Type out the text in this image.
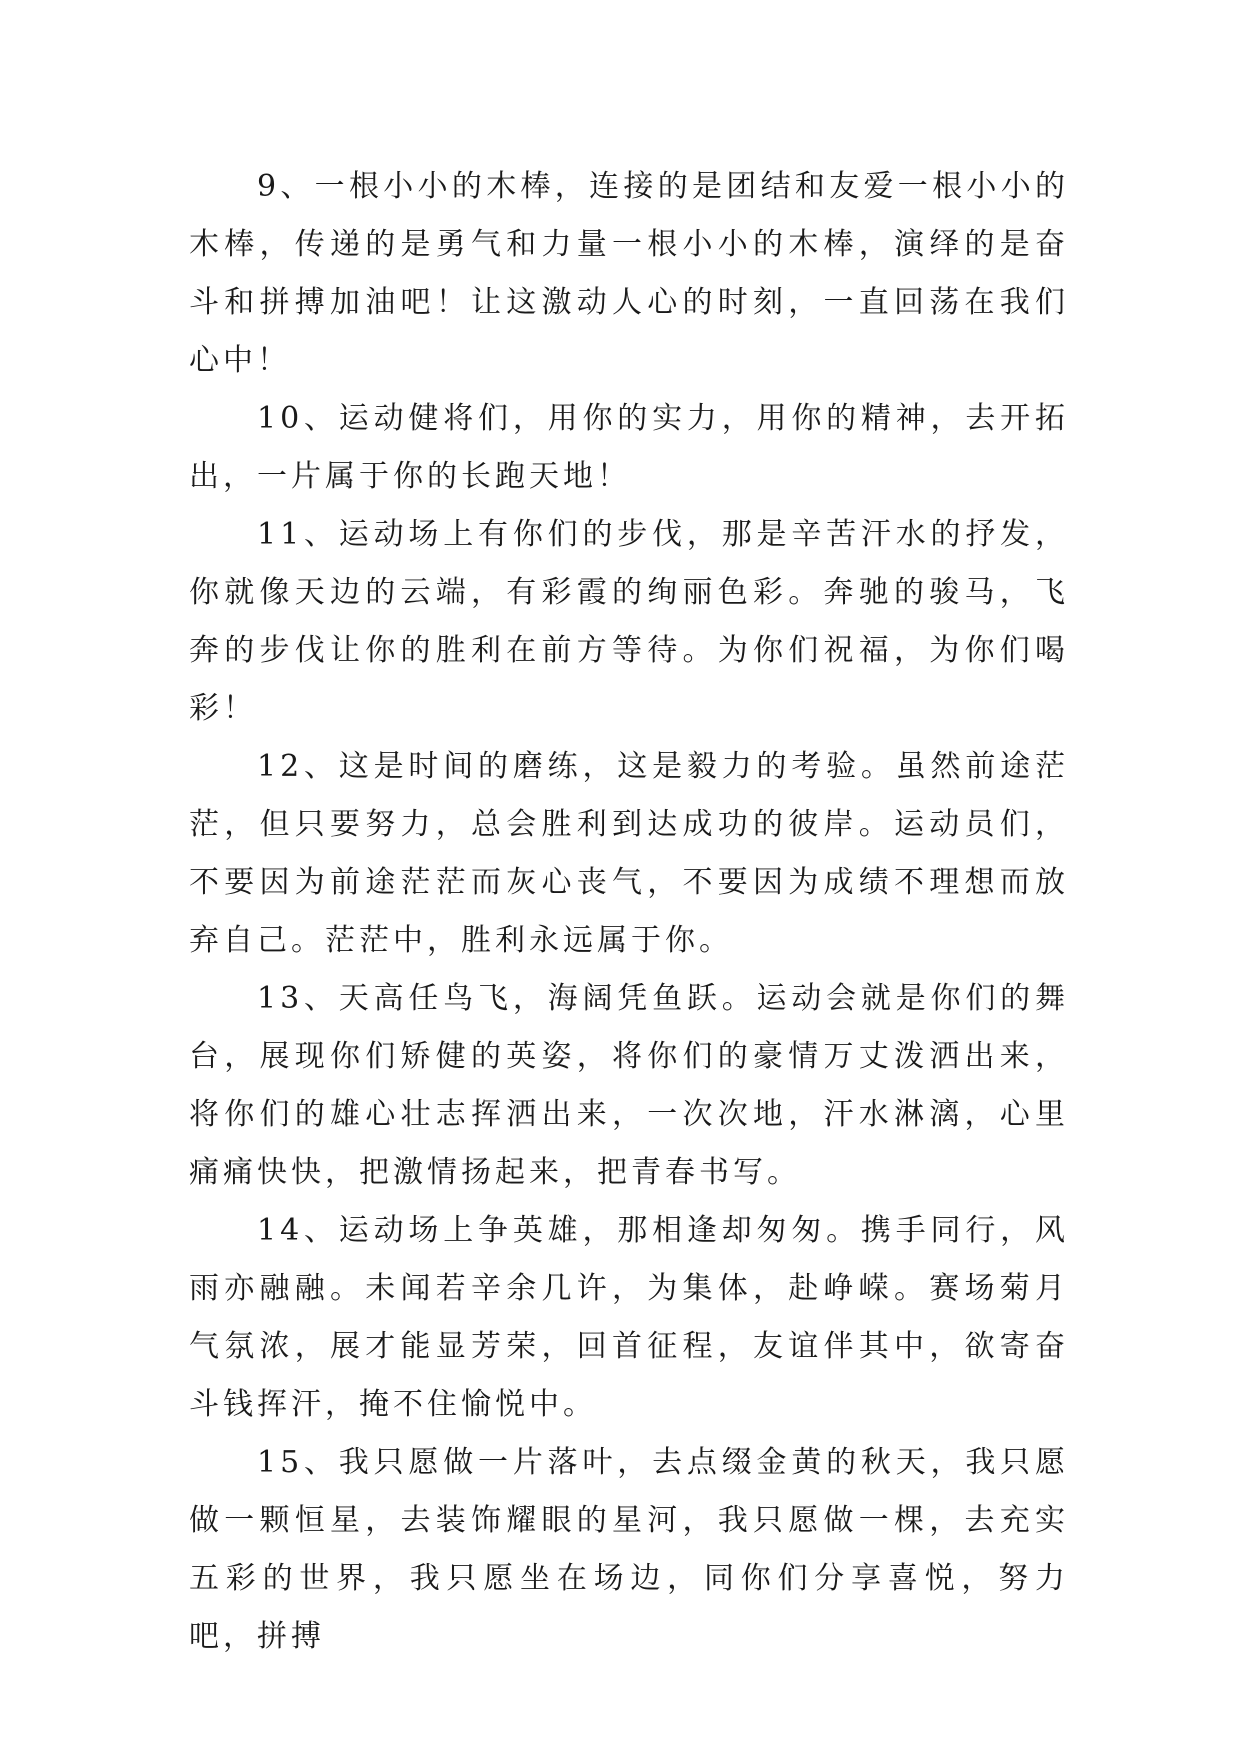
9、一根小小的木棒，连接的是团结和友爱一根小小的木棒，传递的是勇气和力量一根小小的木棒，演绎的是奋斗和拼搏加油吧！让这激动人心的时刻，一直回荡在我们心中！

10、运动健将们，用你的实力，用你的精神，去开拓出，一片属于你的长跑天地！

11、运动场上有你们的步伐，那是辛苦汗水的抒发，你就像天边的云端，有彩霞的绚丽色彩。奔驰的骏马，飞奔的步伐让你的胜利在前方等待。为你们祝福，为你们喝彩！

12、这是时间的磨练，这是毅力的考验。虽然前途茫茫，但只要努力，总会胜利到达成功的彼岸。运动员们，不要因为前途茫茫而灰心丧气，不要因为成绩不理想而放弃自己。茫茫中，胜利永远属于你。

13、天高任鸟飞，海阔凭鱼跃。运动会就是你们的舞台，展现你们矫健的英姿，将你们的豪情万丈泼洒出来，将你们的雄心壮志挥洒出来，一次次地，汗水淋漓，心里痛痛快快，把激情扬起来，把青春书写。

14、运动场上争英雄，那相逢却匆匆。携手同行，风雨亦融融。未闻若辛余几许，为集体，赴峥嵘。赛场菊月气氛浓，展才能显芳荣，回首征程，友谊伴其中，欲寄奋斗钱挥汗，掩不住愉悦中。

15、我只愿做一片落叶，去点缀金黄的秋天，我只愿做一颗恒星，去装饰耀眼的星河，我只愿做一棵，去充实五彩的世界，我只愿坐在场边，同你们分享喜悦，努力吧，拼搏
